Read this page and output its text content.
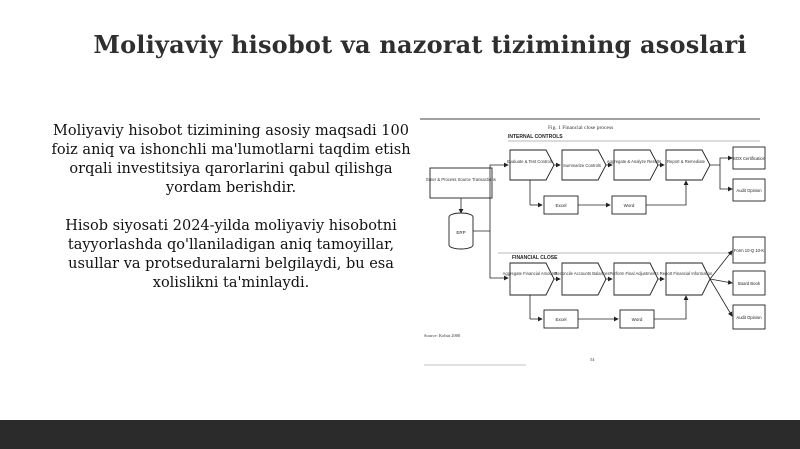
Moliyaviy hisobot va nazorat tizimining asoslari

Moliyaviy hisobot tizimining asosiy maqsadi 100 foiz aniq va ishonchli ma'lumotlarni taqdim etish orqali investitsiya qarorlarini qabul qilishga yordam berishdir.

Hisob siyosati 2024-yilda moliyaviy hisobotni tayyorlashda qo'llaniladigan aniq tamoyillar, usullar va protseduralarni belgilaydi, bu esa xolislikni ta'minlaydi.

Fig. 1 Financial close process
INTERNAL CONTROLS
FINANCIAL CLOSE
Enter & Process Source Transactions
ERP
Evaluate & Test Controls
Summarize Controls
Aggregate & Analyze Results Report & Remediate
SOX Certification
Audit Opinion
Excel	Word
Aggregate Financial Amounts
Reconcile Accounts Balances Perform Final Adjustments Report Financial Information
Form 10-Q 10-K
Board Book
Audit Opinion
Excel	Word
Source: Kohut 2000
54
